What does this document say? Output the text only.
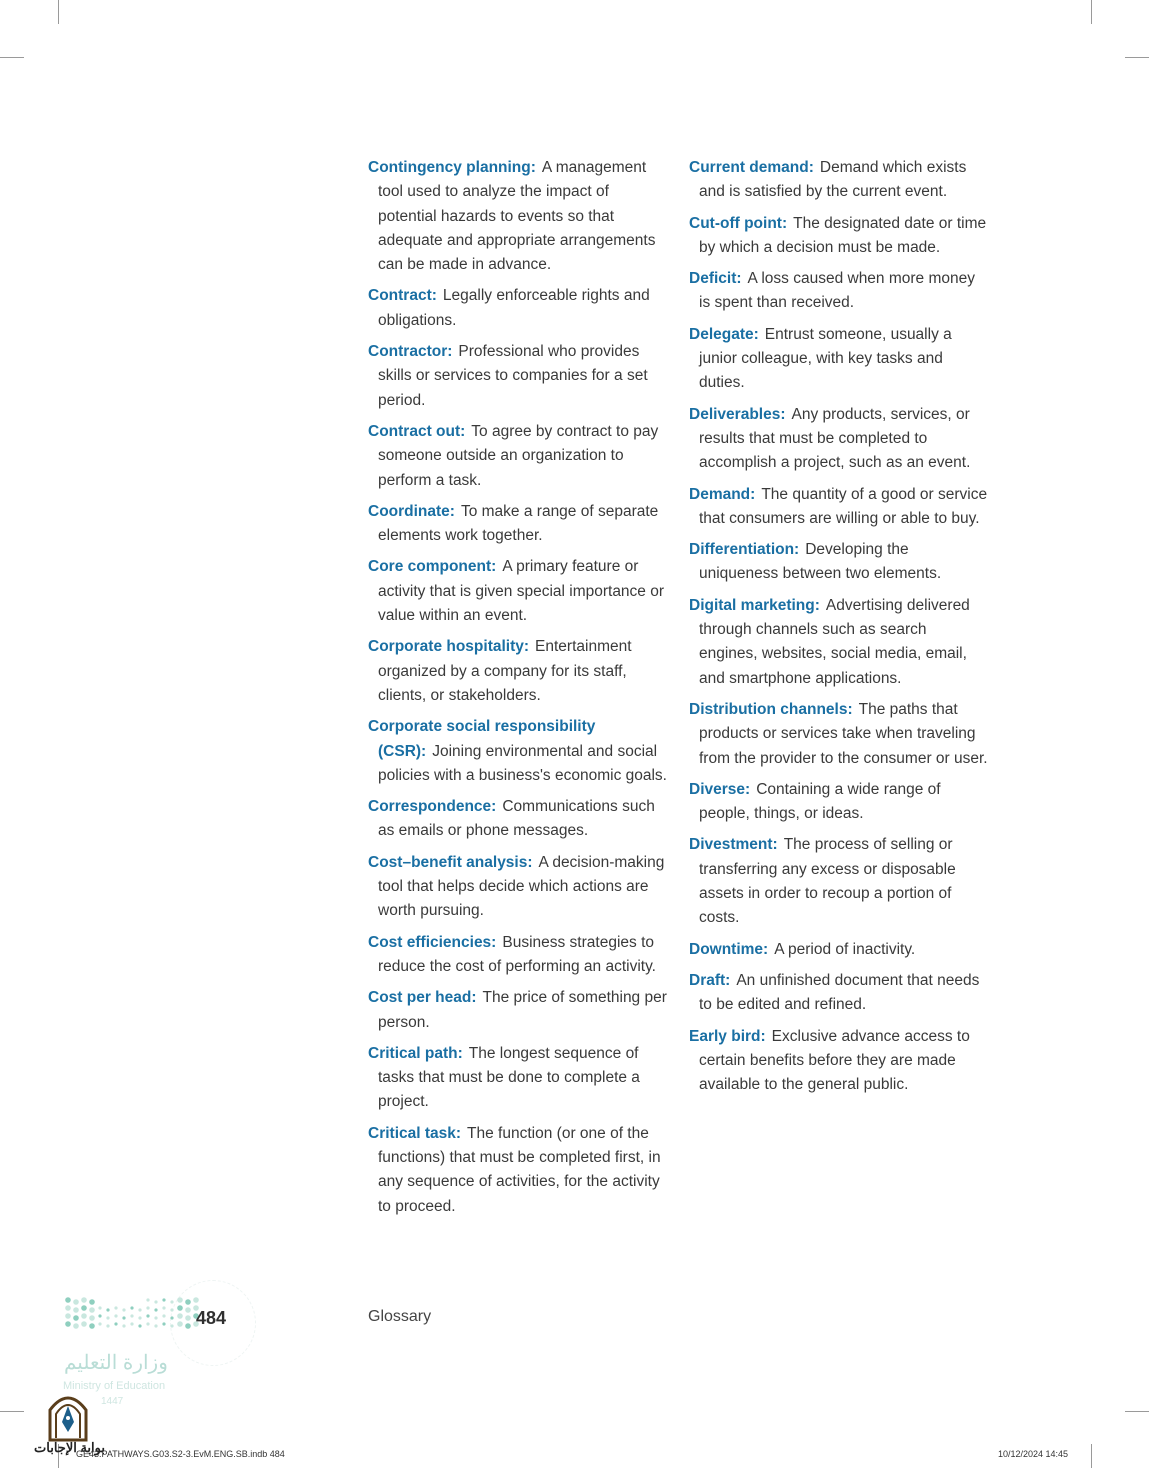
Contingency planning: A management tool used to analyze the impact of potential hazards to events so that adequate and appropriate arrangements can be made in advance.

Contract: Legally enforceable rights and obligations.

Contractor: Professional who provides skills or services to companies for a set period.

Contract out: To agree by contract to pay someone outside an organization to perform a task.

Coordinate: To make a range of separate elements work together.

Core component: A primary feature or activity that is given special importance or value within an event.

Corporate hospitality: Entertainment organized by a company for its staff, clients, or stakeholders.

Corporate social responsibility (CSR): Joining environmental and social policies with a business's economic goals.

Correspondence: Communications such as emails or phone messages.

Cost–benefit analysis: A decision-making tool that helps decide which actions are worth pursuing.

Cost efficiencies: Business strategies to reduce the cost of performing an activity.

Cost per head: The price of something per person.

Critical path: The longest sequence of tasks that must be done to complete a project.

Critical task: The function (or one of the functions) that must be completed first, in any sequence of activities, for the activity to proceed.

Current demand: Demand which exists and is satisfied by the current event.

Cut-off point: The designated date or time by which a decision must be made.

Deficit: A loss caused when more money is spent than received.

Delegate: Entrust someone, usually a junior colleague, with key tasks and duties.

Deliverables: Any products, services, or results that must be completed to accomplish a project, such as an event.

Demand: The quantity of a good or service that consumers are willing or able to buy.

Differentiation: Developing the uniqueness between two elements.

Digital marketing: Advertising delivered through channels such as search engines, websites, social media, email, and smartphone applications.

Distribution channels: The paths that products or services take when traveling from the provider to the consumer or user.

Diverse: Containing a wide range of people, things, or ideas.

Divestment: The process of selling or transferring any excess or disposable assets in order to recoup a portion of costs.

Downtime: A period of inactivity.

Draft: An unfinished document that needs to be edited and refined.

Early bird: Exclusive advance access to certain benefits before they are made available to the general public.

484	Glossary
وزارة التعليم
Ministry of Education
1447
بوابة الإجابات
GE43.PATHWAYS.G03.S2-3.EvM.ENG.SB.indb 484	10/12/2024 14:45
